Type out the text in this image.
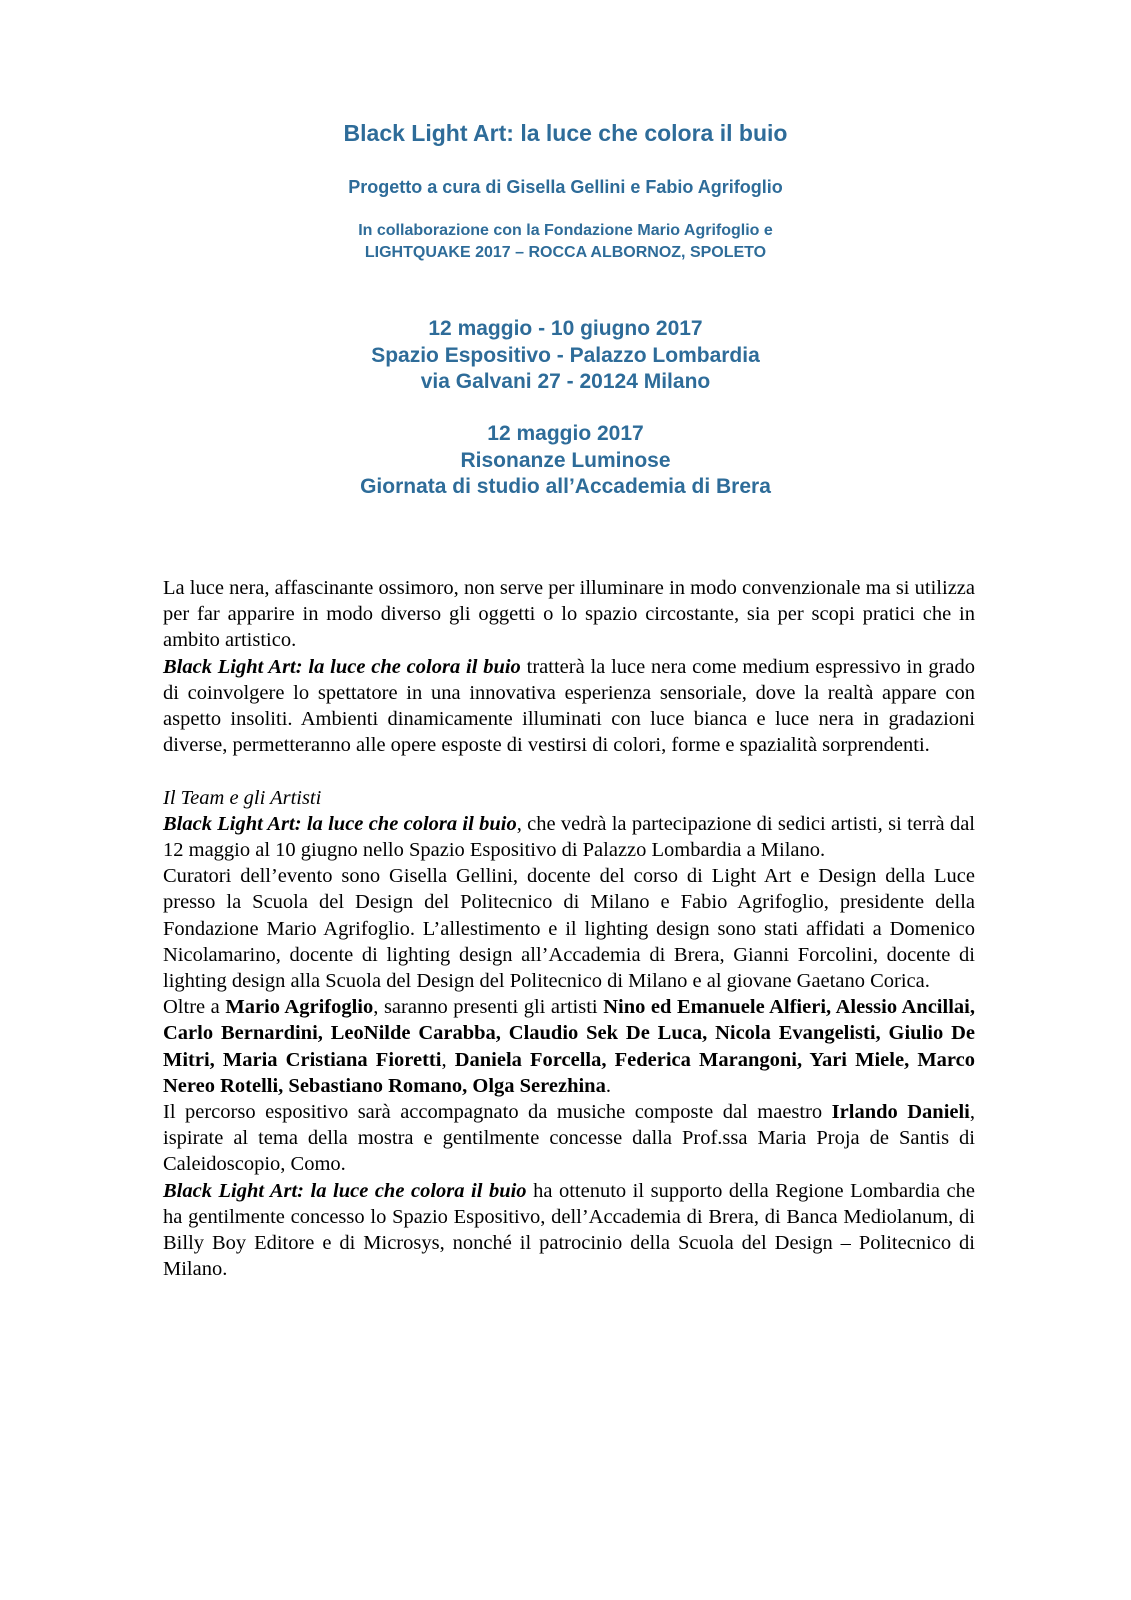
Black Light Art: la luce che colora il buio
Progetto a cura di Gisella Gellini e Fabio Agrifoglio
In collaborazione con la Fondazione Mario Agrifoglio e
LIGHTQUAKE 2017 – ROCCA ALBORNOZ, SPOLETO
12 maggio - 10 giugno 2017
Spazio Espositivo - Palazzo Lombardia
via Galvani 27 - 20124 Milano
12 maggio 2017
Risonanze Luminose
Giornata di studio all’Accademia di Brera

La luce nera, affascinante ossimoro, non serve per illuminare in modo convenzionale ma si utilizza per far apparire in modo diverso gli oggetti o lo spazio circostante, sia per scopi pratici che in ambito artistico.

Black Light Art: la luce che colora il buio tratterà la luce nera come medium espressivo in grado di coinvolgere lo spettatore in una innovativa esperienza sensoriale, dove la realtà appare con aspetto insoliti. Ambienti dinamicamente illuminati con luce bianca e luce nera in gradazioni diverse, permetteranno alle opere esposte di vestirsi di colori, forme e spazialità sorprendenti.

Il Team e gli Artisti

Black Light Art: la luce che colora il buio, che vedrà la partecipazione di sedici artisti, si terrà dal 12 maggio al 10 giugno nello Spazio Espositivo di Palazzo Lombardia a Milano.

Curatori dell’evento sono Gisella Gellini, docente del corso di Light Art e Design della Luce presso la Scuola del Design del Politecnico di Milano e Fabio Agrifoglio, presidente della Fondazione Mario Agrifoglio. L’allestimento e il lighting design sono stati affidati a Domenico Nicolamarino, docente di lighting design all’Accademia di Brera, Gianni Forcolini, docente di lighting design alla Scuola del Design del Politecnico di Milano e al giovane Gaetano Corica.

Oltre a Mario Agrifoglio, saranno presenti gli artisti Nino ed Emanuele Alfieri, Alessio Ancillai, Carlo Bernardini, LeoNilde Carabba, Claudio Sek De Luca, Nicola Evangelisti, Giulio De Mitri, Maria Cristiana Fioretti, Daniela Forcella, Federica Marangoni, Yari Miele, Marco Nereo Rotelli, Sebastiano Romano, Olga Serezhina.

Il percorso espositivo sarà accompagnato da musiche composte dal maestro Irlando Danieli, ispirate al tema della mostra e gentilmente concesse dalla Prof.ssa Maria Proja de Santis di Caleidoscopio, Como.

Black Light Art: la luce che colora il buio ha ottenuto il supporto della Regione Lombardia che ha gentilmente concesso lo Spazio Espositivo, dell’Accademia di Brera, di Banca Mediolanum, di Billy Boy Editore e di Microsys, nonché il patrocinio della Scuola del Design – Politecnico di Milano.
